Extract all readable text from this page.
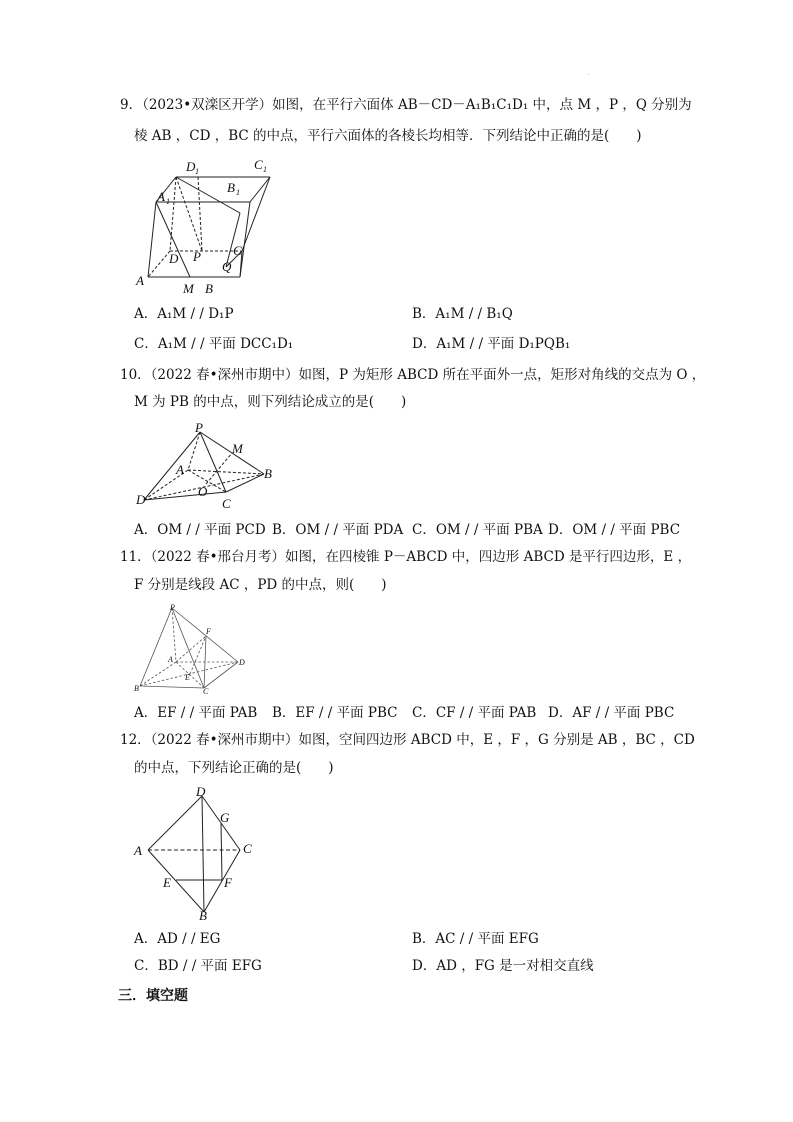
·
9．（2023•双滦区开学）如图，在平行六面体 AB－CD－A₁B₁C₁D₁ 中，点 M ，P ，Q 分别为
棱 AB ，CD ，BC 的中点，平行六面体的各棱长均相等．下列结论中正确的是(　　)
D 1	C 1
A 1
B 1
A
D P C
Q
M B
A．A₁M / / D₁P	B．A₁M / / B₁Q
C．A₁M / / 平面 DCC₁D₁	D．A₁M / / 平面 D₁PQB₁
10．（2022 春•深州市期中）如图，P 为矩形 ABCD 所在平面外一点，矩形对角线的交点为 O ，
M 为 PB 的中点，则下列结论成立的是(　　)
P
M
A	B
O
D	C
A．OM / / 平面 PCD B．OM / / 平面 PDA C．OM / / 平面 PBA D．OM / / 平面 PBC
11．（2022 春•邢台月考）如图，在四棱锥 P－ABCD 中，四边形 ABCD 是平行四边形，E ，
F 分别是线段 AC ，PD 的中点，则(　　)
P
F
A	D
E
B	C
A．EF / / 平面 PAB B．EF / / 平面 PBC C．CF / / 平面 PAB D．AF / / 平面 PBC
12．（2022 春•深州市期中）如图，空间四边形 ABCD 中，E ，F ，G 分别是 AB ，BC ，CD
的中点，下列结论正确的是(　　)
D
G
A	C
E	F
B
A．AD / / EG	B．AC / / 平面 EFG
C．BD / / 平面 EFG	D．AD ，FG 是一对相交直线
三．填空题
